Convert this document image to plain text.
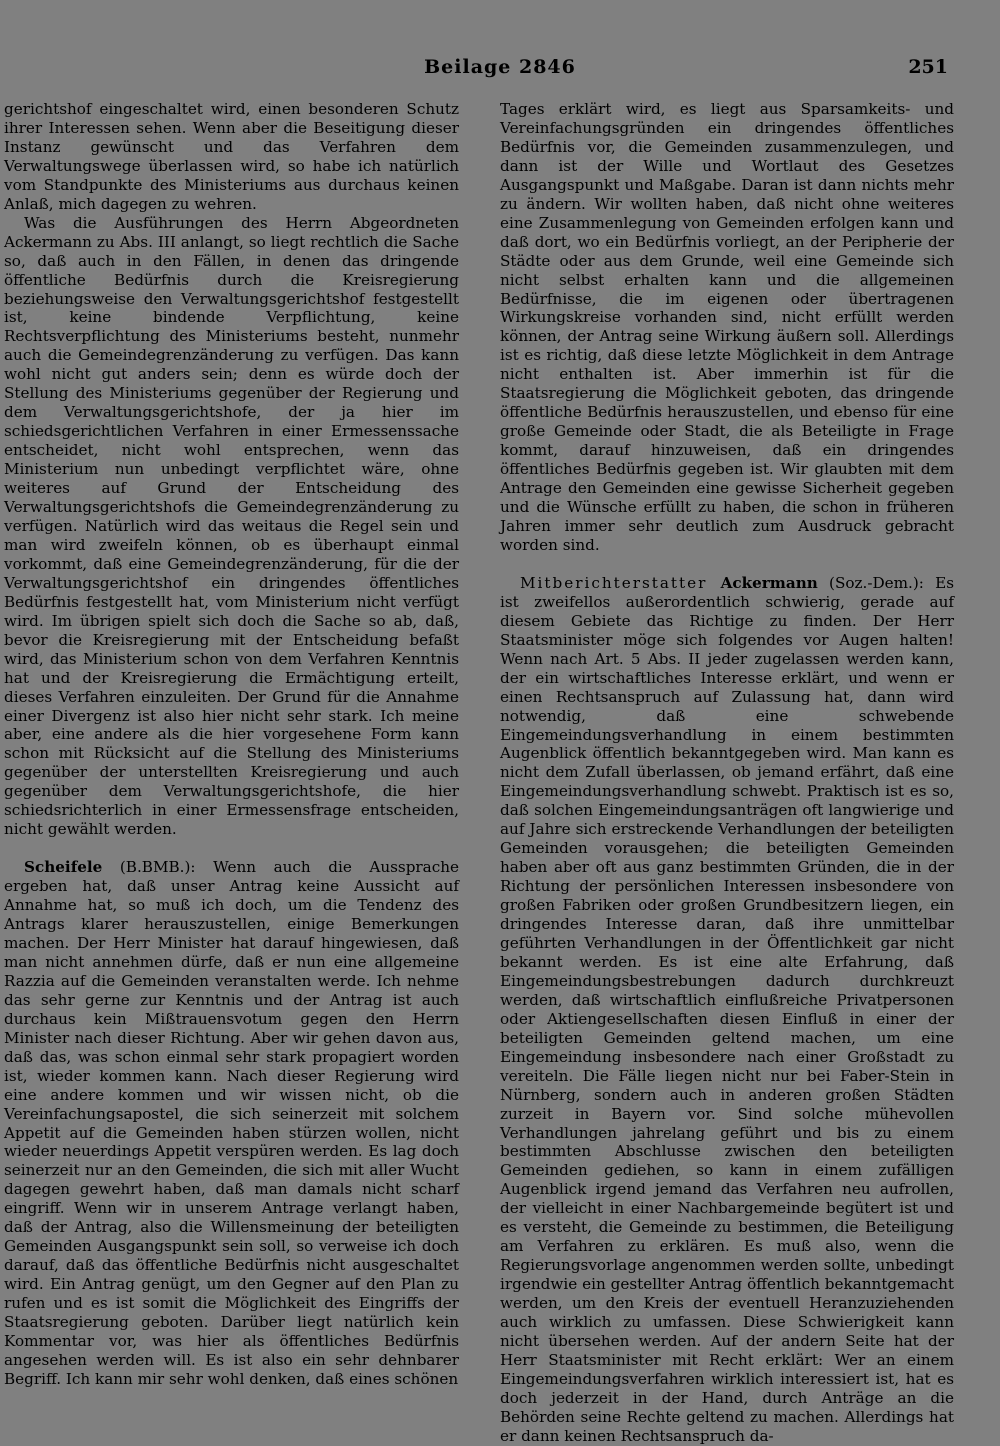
Beilage 2846	251

gerichtshof eingeschaltet wird, einen besonderen Schutz ihrer Interessen sehen. Wenn aber die Beseitigung dieser Instanz gewünscht und das Verfahren dem Verwaltungswege überlassen wird, so habe ich natürlich vom Standpunkte des Ministeriums aus durchaus keinen Anlaß, mich dagegen zu wehren.

Was die Ausführungen des Herrn Abgeordneten Ackermann zu Abs. III anlangt, so liegt rechtlich die Sache so, daß auch in den Fällen, in denen das dringende öffentliche Bedürfnis durch die Kreisregierung beziehungsweise den Verwaltungsgerichtshof festgestellt ist, keine bindende Verpflichtung, keine Rechtsverpflichtung des Ministeriums besteht, nunmehr auch die Gemeindegrenzänderung zu verfügen. Das kann wohl nicht gut anders sein; denn es würde doch der Stellung des Ministeriums gegenüber der Regierung und dem Verwaltungsgerichtshofe, der ja hier im schiedsgerichtlichen Verfahren in einer Ermessenssache entscheidet, nicht wohl entsprechen, wenn das Ministerium nun unbedingt verpflichtet wäre, ohne weiteres auf Grund der Entscheidung des Verwaltungsgerichtshofs die Gemeindegrenzänderung zu verfügen. Natürlich wird das weitaus die Regel sein und man wird zweifeln können, ob es überhaupt einmal vorkommt, daß eine Gemeindegrenzänderung, für die der Verwaltungsgerichtshof ein dringendes öffentliches Bedürfnis festgestellt hat, vom Ministerium nicht verfügt wird. Im übrigen spielt sich doch die Sache so ab, daß, bevor die Kreisregierung mit der Entscheidung befaßt wird, das Ministerium schon von dem Verfahren Kenntnis hat und der Kreisregierung die Ermächtigung erteilt, dieses Verfahren einzuleiten. Der Grund für die Annahme einer Divergenz ist also hier nicht sehr stark. Ich meine aber, eine andere als die hier vorgesehene Form kann schon mit Rücksicht auf die Stellung des Ministeriums gegenüber der unterstellten Kreisregierung und auch gegenüber dem Verwaltungsgerichtshofe, die hier schiedsrichterlich in einer Ermessensfrage entscheiden, nicht gewählt werden.

Scheifele (B.BMB.): Wenn auch die Aussprache ergeben hat, daß unser Antrag keine Aussicht auf Annahme hat, so muß ich doch, um die Tendenz des Antrags klarer herauszustellen, einige Bemerkungen machen. Der Herr Minister hat darauf hingewiesen, daß man nicht annehmen dürfe, daß er nun eine allgemeine Razzia auf die Gemeinden veranstalten werde. Ich nehme das sehr gerne zur Kenntnis und der Antrag ist auch durchaus kein Mißtrauensvotum gegen den Herrn Minister nach dieser Richtung. Aber wir gehen davon aus, daß das, was schon einmal sehr stark propagiert worden ist, wieder kommen kann. Nach dieser Regierung wird eine andere kommen und wir wissen nicht, ob die Vereinfachungsapostel, die sich seinerzeit mit solchem Appetit auf die Gemeinden haben stürzen wollen, nicht wieder neuerdings Appetit verspüren werden. Es lag doch seinerzeit nur an den Gemeinden, die sich mit aller Wucht dagegen gewehrt haben, daß man damals nicht scharf eingriff. Wenn wir in unserem Antrage verlangt haben, daß der Antrag, also die Willensmeinung der beteiligten Gemeinden Ausgangspunkt sein soll, so verweise ich doch darauf, daß das öffentliche Bedürfnis nicht ausgeschaltet wird. Ein Antrag genügt, um den Gegner auf den Plan zu rufen und es ist somit die Möglichkeit des Eingriffs der Staatsregierung geboten. Darüber liegt natürlich kein Kommentar vor, was hier als öffentliches Bedürfnis angesehen werden will. Es ist also ein sehr dehnbarer Begriff. Ich kann mir sehr wohl denken, daß eines schönen

Tages erklärt wird, es liegt aus Sparsamkeits- und Vereinfachungsgründen ein dringendes öffentliches Bedürfnis vor, die Gemeinden zusammenzulegen, und dann ist der Wille und Wortlaut des Gesetzes Ausgangspunkt und Maßgabe. Daran ist dann nichts mehr zu ändern. Wir wollten haben, daß nicht ohne weiteres eine Zusammenlegung von Gemeinden erfolgen kann und daß dort, wo ein Bedürfnis vorliegt, an der Peripherie der Städte oder aus dem Grunde, weil eine Gemeinde sich nicht selbst erhalten kann und die allgemeinen Bedürfnisse, die im eigenen oder übertragenen Wirkungskreise vorhanden sind, nicht erfüllt werden können, der Antrag seine Wirkung äußern soll. Allerdings ist es richtig, daß diese letzte Möglichkeit in dem Antrage nicht enthalten ist. Aber immerhin ist für die Staatsregierung die Möglichkeit geboten, das dringende öffentliche Bedürfnis herauszustellen, und ebenso für eine große Gemeinde oder Stadt, die als Beteiligte in Frage kommt, darauf hinzuweisen, daß ein dringendes öffentliches Bedürfnis gegeben ist. Wir glaubten mit dem Antrage den Gemeinden eine gewisse Sicherheit gegeben und die Wünsche erfüllt zu haben, die schon in früheren Jahren immer sehr deutlich zum Ausdruck gebracht worden sind.

Mitberichterstatter Ackermann (Soz.-Dem.): Es ist zweifellos außerordentlich schwierig, gerade auf diesem Gebiete das Richtige zu finden. Der Herr Staatsminister möge sich folgendes vor Augen halten! Wenn nach Art. 5 Abs. II jeder zugelassen werden kann, der ein wirtschaftliches Interesse erklärt, und wenn er einen Rechtsanspruch auf Zulassung hat, dann wird notwendig, daß eine schwebende Eingemeindungsverhandlung in einem bestimmten Augenblick öffentlich bekanntgegeben wird. Man kann es nicht dem Zufall überlassen, ob jemand erfährt, daß eine Eingemeindungsverhandlung schwebt. Praktisch ist es so, daß solchen Eingemeindungsanträgen oft langwierige und auf Jahre sich erstreckende Verhandlungen der beteiligten Gemeinden vorausgehen; die beteiligten Gemeinden haben aber oft aus ganz bestimmten Gründen, die in der Richtung der persönlichen Interessen insbesondere von großen Fabriken oder großen Grundbesitzern liegen, ein dringendes Interesse daran, daß ihre unmittelbar geführten Verhandlungen in der Öffentlichkeit gar nicht bekannt werden. Es ist eine alte Erfahrung, daß Eingemeindungsbestrebungen dadurch durchkreuzt werden, daß wirtschaftlich einflußreiche Privatpersonen oder Aktiengesellschaften diesen Einfluß in einer der beteiligten Gemeinden geltend machen, um eine Eingemeindung insbesondere nach einer Großstadt zu vereiteln. Die Fälle liegen nicht nur bei Faber-Stein in Nürnberg, sondern auch in anderen großen Städten zurzeit in Bayern vor. Sind solche mühevollen Verhandlungen jahrelang geführt und bis zu einem bestimmten Abschlusse zwischen den beteiligten Gemeinden gediehen, so kann in einem zufälligen Augenblick irgend jemand das Verfahren neu aufrollen, der vielleicht in einer Nachbargemeinde begütert ist und es versteht, die Gemeinde zu bestimmen, die Beteiligung am Verfahren zu erklären. Es muß also, wenn die Regierungsvorlage angenommen werden sollte, unbedingt irgendwie ein gestellter Antrag öffentlich bekanntgemacht werden, um den Kreis der eventuell Heranzuziehenden auch wirklich zu umfassen. Diese Schwierigkeit kann nicht übersehen werden. Auf der andern Seite hat der Herr Staatsminister mit Recht erklärt: Wer an einem Eingemeindungsverfahren wirklich interessiert ist, hat es doch jederzeit in der Hand, durch Anträge an die Behörden seine Rechte geltend zu machen. Allerdings hat er dann keinen Rechtsanspruch da-
